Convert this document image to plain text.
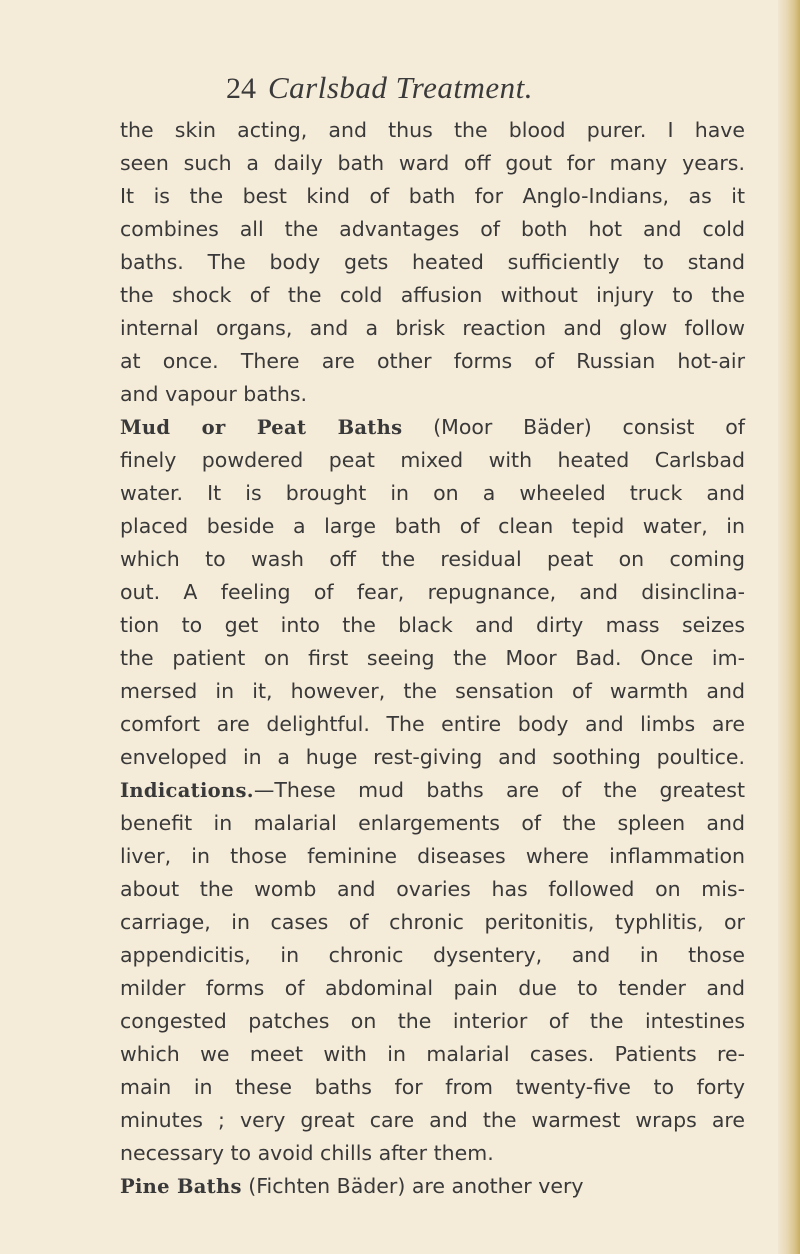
24 Carlsbad Treatment.
the skin acting, and thus the blood purer. I have
seen such a daily bath ward off gout for many years.
It is the best kind of bath for Anglo-Indians, as it
combines all the advantages of both hot and cold
baths. The body gets heated sufficiently to stand
the shock of the cold affusion without injury to the
internal organs, and a brisk reaction and glow follow
at once. There are other forms of Russian hot-air
and vapour baths.
Mud or Peat Baths (Moor Bäder) consist of
finely powdered peat mixed with heated Carlsbad
water. It is brought in on a wheeled truck and
placed beside a large bath of clean tepid water, in
which to wash off the residual peat on coming
out. A feeling of fear, repugnance, and disinclina-
tion to get into the black and dirty mass seizes
the patient on first seeing the Moor Bad. Once im-
mersed in it, however, the sensation of warmth and
comfort are delightful. The entire body and limbs are
enveloped in a huge rest-giving and soothing poultice.
Indications.—These mud baths are of the greatest
benefit in malarial enlargements of the spleen and
liver, in those feminine diseases where inflammation
about the womb and ovaries has followed on mis-
carriage, in cases of chronic peritonitis, typhlitis, or
appendicitis, in chronic dysentery, and in those
milder forms of abdominal pain due to tender and
congested patches on the interior of the intestines
which we meet with in malarial cases. Patients re-
main in these baths for from twenty-five to forty
minutes ; very great care and the warmest wraps are
necessary to avoid chills after them.
Pine Baths (Fichten Bäder) are another very
